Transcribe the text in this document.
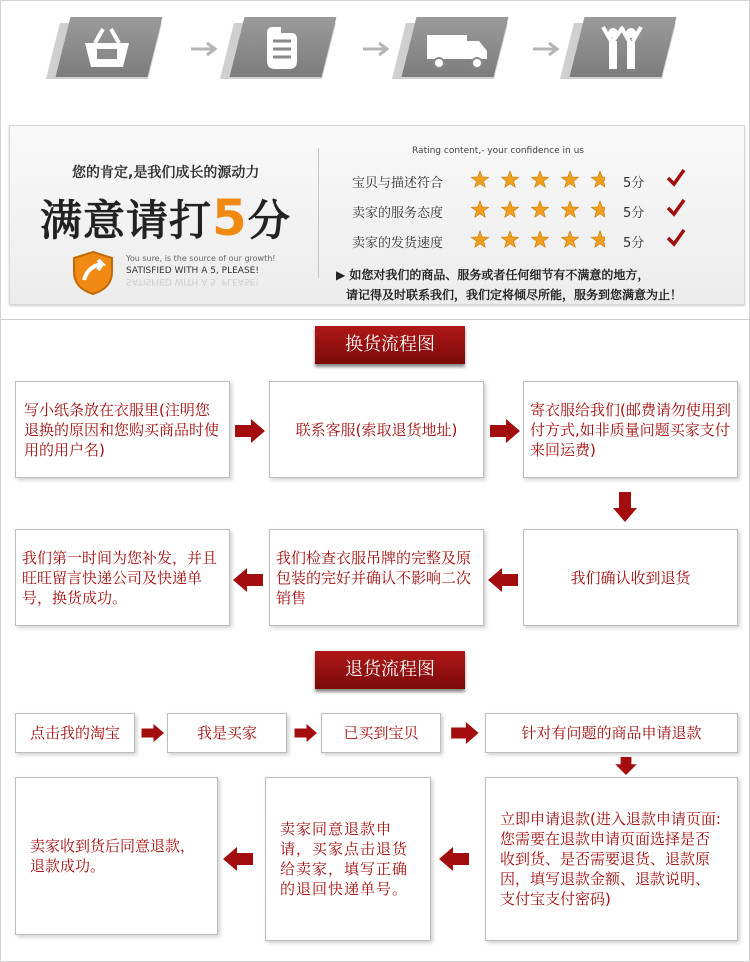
您的肯定,是我们成长的源动力
满意请打5分
You sure, is the source of our growth!
SATISFIED WITH A 5, PLEASE!
SATISFIED WITH A 5, PLEASE!
Rating content,- your confidence in us
宝贝与描述符合	5分
卖家的服务态度	5分
卖家的发货速度	5分
▶ 如您对我们的商品、服务或者任何细节有不满意的地方，
请记得及时联系我们，我们定将倾尽所能，服务到您满意为止！
换货流程图
写小纸条放在衣服里(注明您退换的原因和您购买商品时使用的用户名)
联系客服(索取退货地址)
寄衣服给我们(邮费请勿使用到付方式,如非质量问题买家支付来回运费)
我们第一时间为您补发，并且旺旺留言快递公司及快递单号，换货成功。
我们检查衣服吊牌的完整及原包装的完好并确认不影响二次销售
我们确认收到退货
退货流程图
点击我的淘宝	我是买家	已买到宝贝	针对有问题的商品申请退款
卖家收到货后同意退款，退款成功。
卖家同意退款申请，买家点击退货给卖家，填写正确的退回快递单号。
立即申请退款(进入退款申请页面:您需要在退款申请页面选择是否收到货、是否需要退货、退款原因，填写退款金额、退款说明、支付宝支付密码)
